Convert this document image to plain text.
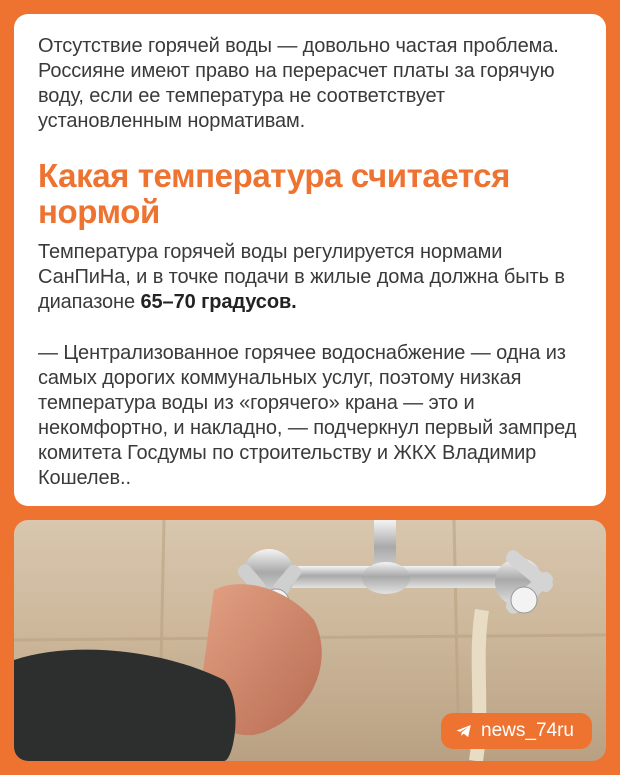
Отсутствие горячей воды — довольно частая проблема. Россияне имеют право на перерасчет платы за горячую воду, если ее температура не соответствует установленным нормативам.

Какая температура считается нормой

Температура горячей воды регулируется нормами СанПиНа, и в точке подачи в жилые дома должна быть в диапазоне 65–70 градусов.

— Централизованное горячее водоснабжение — одна из самых дорогих коммунальных услуг, поэтому низкая температура воды из «горячего» крана — это и некомфортно, и накладно, — подчеркнул первый зампред комитета Госдумы по строительству и ЖКХ Владимир Кошелев..

news_74ru
